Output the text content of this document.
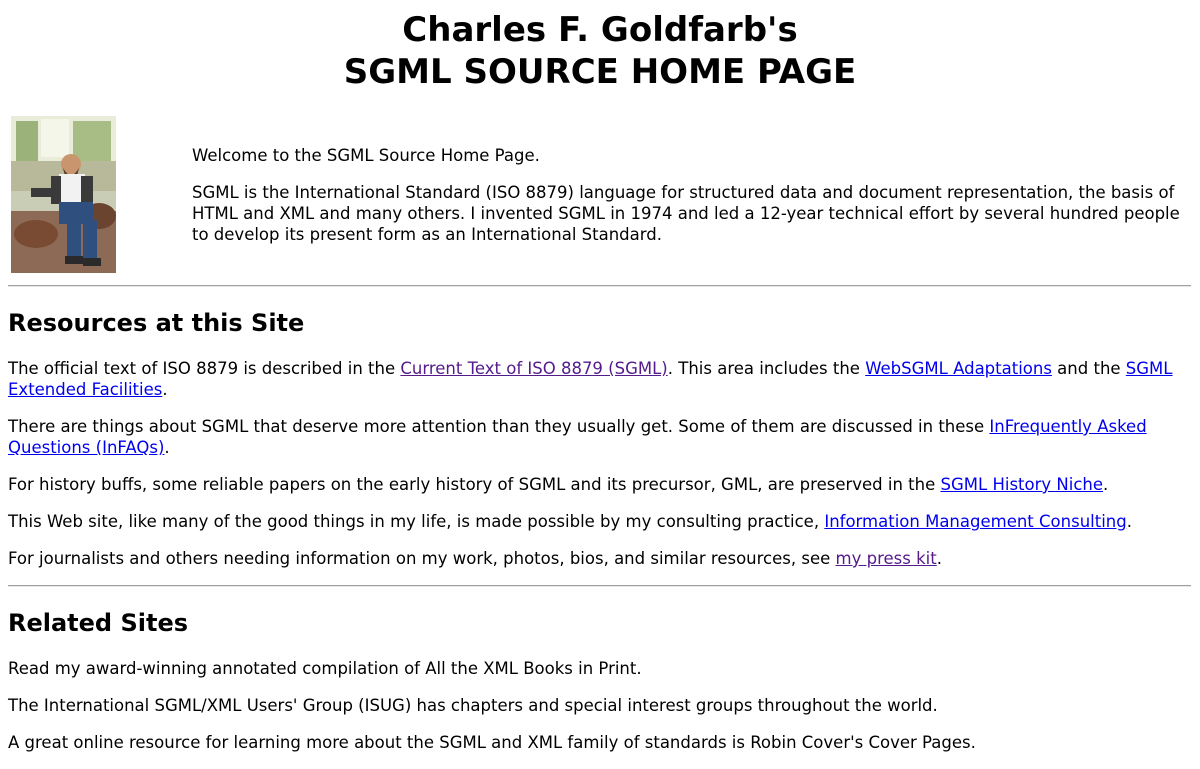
Charles F. Goldfarb's
SGML SOURCE HOME PAGE

Welcome to the SGML Source Home Page.

SGML is the International Standard (ISO 8879) language for structured data and document representation, the basis of HTML and XML and many others. I invented SGML in 1974 and led a 12-year technical effort by several hundred people to develop its present form as an International Standard.

Resources at this Site

The official text of ISO 8879 is described in the Current Text of ISO 8879 (SGML). This area includes the WebSGML Adaptations and the SGML Extended Facilities.

There are things about SGML that deserve more attention than they usually get. Some of them are discussed in these InFrequently Asked Questions (InFAQs).

For history buffs, some reliable papers on the early history of SGML and its precursor, GML, are preserved in the SGML History Niche.

This Web site, like many of the good things in my life, is made possible by my consulting practice, Information Management Consulting.

For journalists and others needing information on my work, photos, bios, and similar resources, see my press kit.

Related Sites

Read my award-winning annotated compilation of All the XML Books in Print.

The International SGML/XML Users' Group (ISUG) has chapters and special interest groups throughout the world.

A great online resource for learning more about the SGML and XML family of standards is Robin Cover's Cover Pages.
